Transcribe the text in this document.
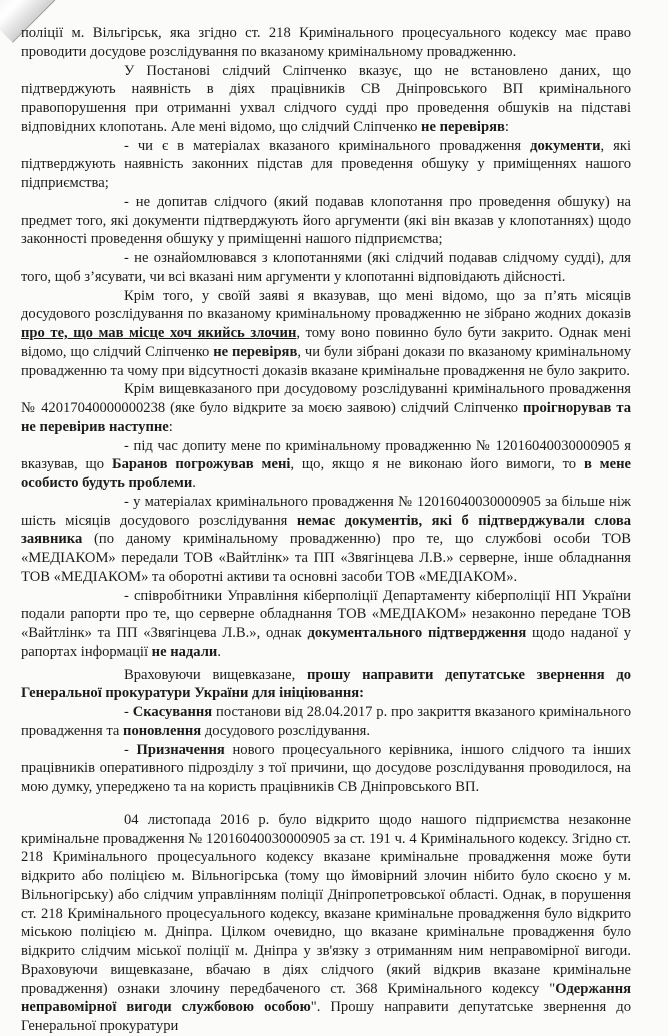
поліції м. Вільгірськ, яка згідно ст. 218 Кримінального процесуального кодексу має право проводити досудове розслідування по вказаному кримінальному провадженню.

У Постанові слідчий Сліпченко вказує, що не встановлено даних, що підтверджують наявність в діях працівників СВ Дніпровського ВП кримінального правопорушення при отриманні ухвал слідчого судді про проведення обшуків на підставі відповідних клопотань. Але мені відомо, що слідчий Сліпченко не перевіряв:

- чи є в матеріалах вказаного кримінального провадження документи, які підтверджують наявність законних підстав для проведення обшуку у приміщеннях нашого підприємства;

- не допитав слідчого (який подавав клопотання про проведення обшуку) на предмет того, які документи підтверджують його аргументи (які він вказав у клопотаннях) щодо законності проведення обшуку у приміщенні нашого підприємства;

- не ознайомлювався з клопотаннями (які слідчий подавав слідчому судді), для того, щоб з’ясувати, чи всі вказані ним аргументи у клопотанні відповідають дійсності.

Крім того, у своїй заяві я вказував, що мені відомо, що за п’ять місяців досудового розслідування по вказаному кримінальному провадженню не зібрано жодних доказів про те, що мав місце хоч якийсь злочин, тому воно повинно було бути закрито. Однак мені відомо, що слідчий Сліпченко не перевіряв, чи були зібрані докази по вказаному кримінальному провадженню та чому при відсутності доказів вказане кримінальне провадження не було закрито.

Крім вищевказаного при досудовому розслідуванні кримінального провадження № 42017040000000238 (яке було відкрите за моєю заявою) слідчий Сліпченко проігнорував та не перевірив наступне:

- під час допиту мене по кримінальному провадженню № 12016040030000905 я вказував, що Баранов погрожував мені, що, якщо я не виконаю його вимоги, то в мене особисто будуть проблеми.

- у матеріалах кримінального провадження № 12016040030000905 за більше ніж шість місяців досудового розслідування немає документів, які б підтверджували слова заявника (по даному кримінальному провадженню) про те, що службові особи ТОВ «МЕДІАКОМ» передали ТОВ «Вайтлінк» та ПП «Звягінцева Л.В.» серверне, інше обладнання ТОВ «МЕДІАКОМ» та оборотні активи та основні засоби ТОВ «МЕДІАКОМ».

- співробітники Управління кіберполіції Департаменту кіберполіції НП України подали рапорти про те, що серверне обладнання ТОВ «МЕДІАКОМ» незаконно передане ТОВ «Вайтлінк» та ПП «Звягінцева Л.В.», однак документального підтвердження щодо наданої у рапортах інформації не надали.

Враховуючи вищевказане, прошу направити депутатське звернення до Генеральної прокуратури України для ініціювання:

- Скасування постанови від 28.04.2017 р. про закриття вказаного кримінального провадження та поновлення досудового розслідування.

- Призначення нового процесуального керівника, іншого слідчого та інших працівників оперативного підрозділу з тої причини, що досудове розслідування проводилося, на мою думку, упереджено та на користь працівників СВ Дніпровського ВП.

04 листопада 2016 р. було відкрито щодо нашого підприємства незаконне кримінальне провадження № 12016040030000905 за ст. 191 ч. 4 Кримінального кодексу. Згідно ст. 218 Кримінального процесуального кодексу вказане кримінальне провадження може бути відкрито або поліцією м. Вільногірська (тому що ймовірний злочин нібито було скоєно у м. Вільногірську) або слідчим управлінням поліції Дніпропетровської області. Однак, в порушення ст. 218 Кримінального процесуального кодексу, вказане кримінальне провадження було відкрито міською поліцією м. Дніпра. Цілком очевидно, що вказане кримінальне провадження було відкрито слідчим міської поліції м. Дніпра у зв'язку з отриманням ним неправомірної вигоди. Враховуючи вищевказане, вбачаю в діях слідчого (який відкрив вказане кримінальне провадження) ознаки злочину передбаченого ст. 368 Кримінального кодексу "Одержання неправомірної вигоди службовою особою". Прошу направити депутатське звернення до Генеральної прокуратури
